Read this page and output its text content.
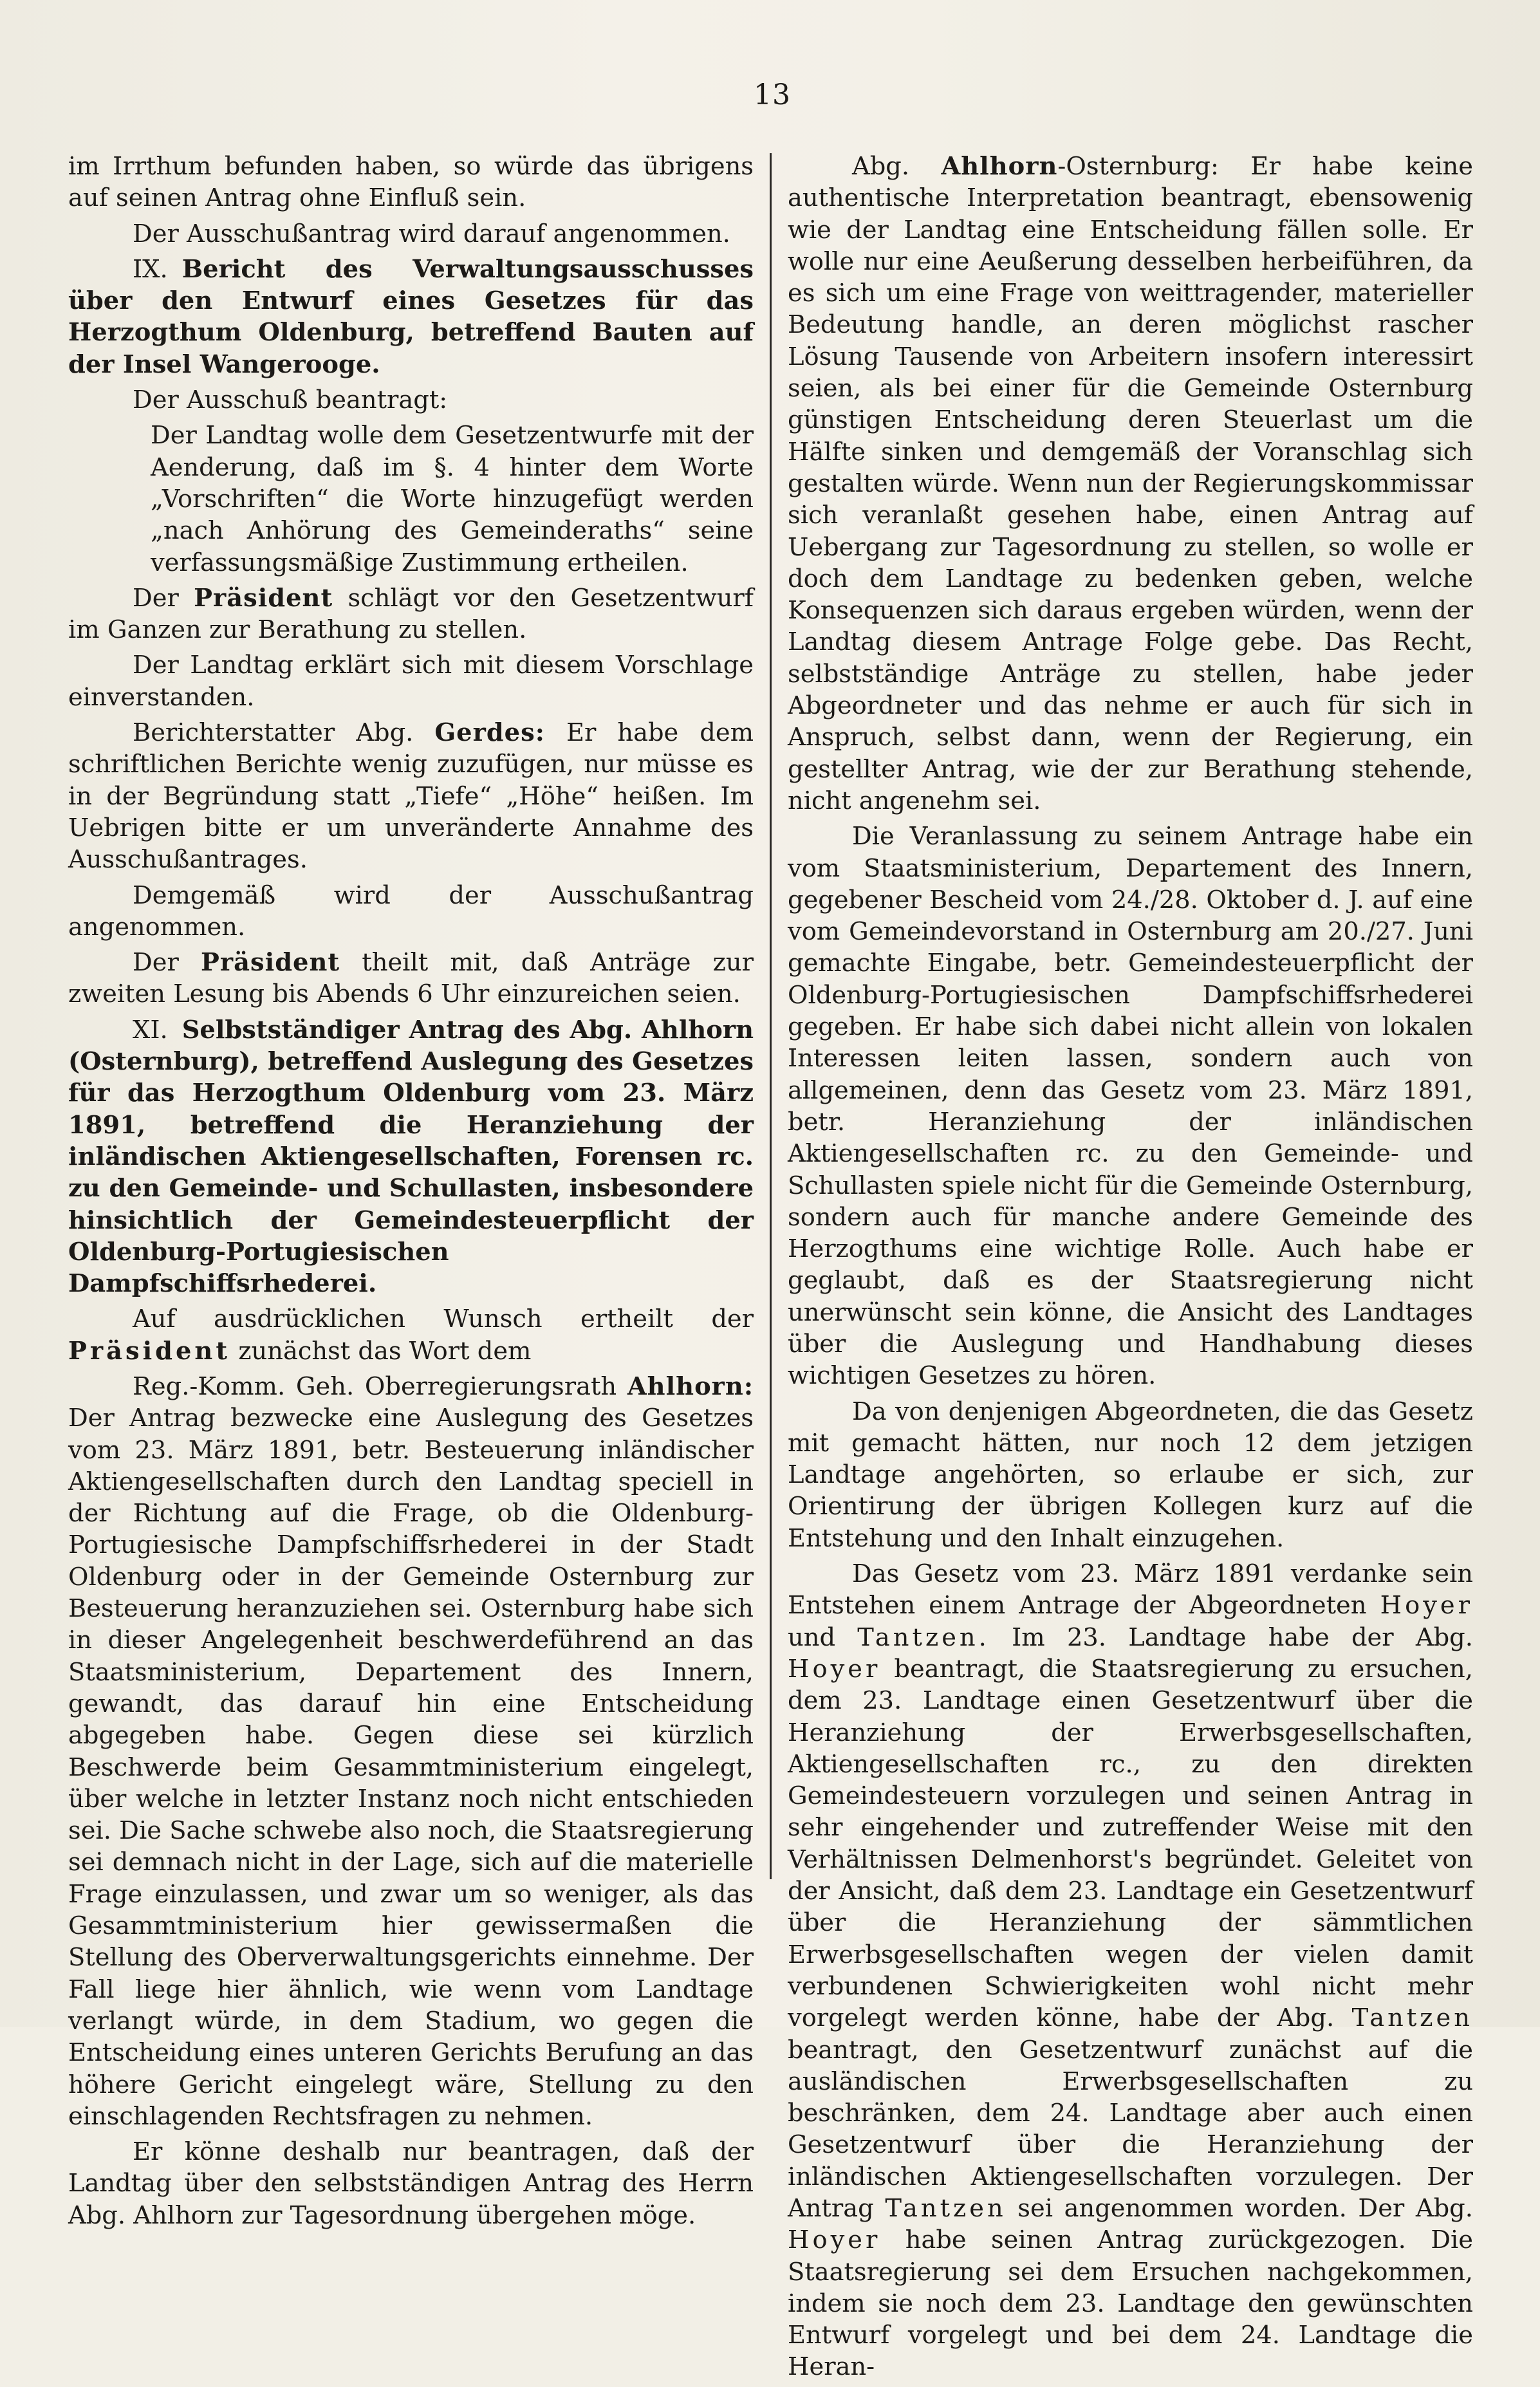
13

im Irrthum befunden haben, so würde das übrigens auf seinen Antrag ohne Einfluß sein.

Der Ausschußantrag wird darauf angenommen.

IX. Bericht des Verwaltungsausschusses über den Entwurf eines Gesetzes für das Herzogthum Oldenburg, betreffend Bauten auf der Insel Wangerooge.

Der Ausschuß beantragt:

Der Landtag wolle dem Gesetzentwurfe mit der Aenderung, daß im §. 4 hinter dem Worte „Vorschriften“ die Worte hinzugefügt werden „nach Anhörung des Gemeinderaths“ seine verfassungsmäßige Zustimmung ertheilen.

Der Präsident schlägt vor den Gesetzentwurf im Ganzen zur Berathung zu stellen.

Der Landtag erklärt sich mit diesem Vorschlage einverstanden.

Berichterstatter Abg. Gerdes: Er habe dem schriftlichen Berichte wenig zuzufügen, nur müsse es in der Begründung statt „Tiefe“ „Höhe“ heißen. Im Uebrigen bitte er um unveränderte Annahme des Ausschußantrages.

Demgemäß wird der Ausschußantrag angenommen.

Der Präsident theilt mit, daß Anträge zur zweiten Lesung bis Abends 6 Uhr einzureichen seien.

XI. Selbstständiger Antrag des Abg. Ahlhorn (Osternburg), betreffend Auslegung des Gesetzes für das Herzogthum Oldenburg vom 23. März 1891, betreffend die Heranziehung der inländischen Aktiengesellschaften, Forensen rc. zu den Gemeinde- und Schullasten, insbesondere hinsichtlich der Gemeindesteuerpflicht der Oldenburg-Portugiesischen Dampfschiffsrhederei.

Auf ausdrücklichen Wunsch ertheilt der Präsident zunächst das Wort dem

Reg.-Komm. Geh. Oberregierungsrath Ahlhorn: Der Antrag bezwecke eine Auslegung des Gesetzes vom 23. März 1891, betr. Besteuerung inländischer Aktiengesellschaften durch den Landtag speciell in der Richtung auf die Frage, ob die Oldenburg-Portugiesische Dampfschiffsrhederei in der Stadt Oldenburg oder in der Gemeinde Osternburg zur Besteuerung heranzuziehen sei. Osternburg habe sich in dieser Angelegenheit beschwerdeführend an das Staatsministerium, Departement des Innern, gewandt, das darauf hin eine Entscheidung abgegeben habe. Gegen diese sei kürzlich Beschwerde beim Gesammtministerium eingelegt, über welche in letzter Instanz noch nicht entschieden sei. Die Sache schwebe also noch, die Staatsregierung sei demnach nicht in der Lage, sich auf die materielle Frage einzulassen, und zwar um so weniger, als das Gesammtministerium hier gewissermaßen die Stellung des Oberverwaltungsgerichts einnehme. Der Fall liege hier ähnlich, wie wenn vom Landtage verlangt würde, in dem Stadium, wo gegen die Entscheidung eines unteren Gerichts Berufung an das höhere Gericht eingelegt wäre, Stellung zu den einschlagenden Rechtsfragen zu nehmen.

Er könne deshalb nur beantragen, daß der Landtag über den selbstständigen Antrag des Herrn Abg. Ahlhorn zur Tagesordnung übergehen möge.

Abg. Ahlhorn-Osternburg: Er habe keine authentische Interpretation beantragt, ebensowenig wie der Landtag eine Entscheidung fällen solle. Er wolle nur eine Aeußerung desselben herbeiführen, da es sich um eine Frage von weittragender, materieller Bedeutung handle, an deren möglichst rascher Lösung Tausende von Arbeitern insofern interessirt seien, als bei einer für die Gemeinde Osternburg günstigen Entscheidung deren Steuerlast um die Hälfte sinken und demgemäß der Voranschlag sich gestalten würde. Wenn nun der Regierungskommissar sich veranlaßt gesehen habe, einen Antrag auf Uebergang zur Tagesordnung zu stellen, so wolle er doch dem Landtage zu bedenken geben, welche Konsequenzen sich daraus ergeben würden, wenn der Landtag diesem Antrage Folge gebe. Das Recht, selbstständige Anträge zu stellen, habe jeder Abgeordneter und das nehme er auch für sich in Anspruch, selbst dann, wenn der Regierung, ein gestellter Antrag, wie der zur Berathung stehende, nicht angenehm sei.

Die Veranlassung zu seinem Antrage habe ein vom Staatsministerium, Departement des Innern, gegebener Bescheid vom 24./28. Oktober d. J. auf eine vom Gemeindevorstand in Osternburg am 20./27. Juni gemachte Eingabe, betr. Gemeindesteuerpflicht der Oldenburg-Portugiesischen Dampfschiffsrhederei gegeben. Er habe sich dabei nicht allein von lokalen Interessen leiten lassen, sondern auch von allgemeinen, denn das Gesetz vom 23. März 1891, betr. Heranziehung der inländischen Aktiengesellschaften rc. zu den Gemeinde- und Schullasten spiele nicht für die Gemeinde Osternburg, sondern auch für manche andere Gemeinde des Herzogthums eine wichtige Rolle. Auch habe er geglaubt, daß es der Staatsregierung nicht unerwünscht sein könne, die Ansicht des Landtages über die Auslegung und Handhabung dieses wichtigen Gesetzes zu hören.

Da von denjenigen Abgeordneten, die das Gesetz mit gemacht hätten, nur noch 12 dem jetzigen Landtage angehörten, so erlaube er sich, zur Orientirung der übrigen Kollegen kurz auf die Entstehung und den Inhalt einzugehen.

Das Gesetz vom 23. März 1891 verdanke sein Entstehen einem Antrage der Abgeordneten Hoyer und Tantzen. Im 23. Landtage habe der Abg. Hoyer beantragt, die Staatsregierung zu ersuchen, dem 23. Landtage einen Gesetzentwurf über die Heranziehung der Erwerbsgesellschaften, Aktiengesellschaften rc., zu den direkten Gemeindesteuern vorzulegen und seinen Antrag in sehr eingehender und zutreffender Weise mit den Verhältnissen Delmenhorst's begründet. Geleitet von der Ansicht, daß dem 23. Landtage ein Gesetzentwurf über die Heranziehung der sämmtlichen Erwerbsgesellschaften wegen der vielen damit verbundenen Schwierigkeiten wohl nicht mehr vorgelegt werden könne, habe der Abg. Tantzen beantragt, den Gesetzentwurf zunächst auf die ausländischen Erwerbsgesellschaften zu beschränken, dem 24. Landtage aber auch einen Gesetzentwurf über die Heranziehung der inländischen Aktiengesellschaften vorzulegen. Der Antrag Tantzen sei angenommen worden. Der Abg. Hoyer habe seinen Antrag zurückgezogen. Die Staatsregierung sei dem Ersuchen nachgekommen, indem sie noch dem 23. Landtage den gewünschten Entwurf vorgelegt und bei dem 24. Landtage die Heran-
